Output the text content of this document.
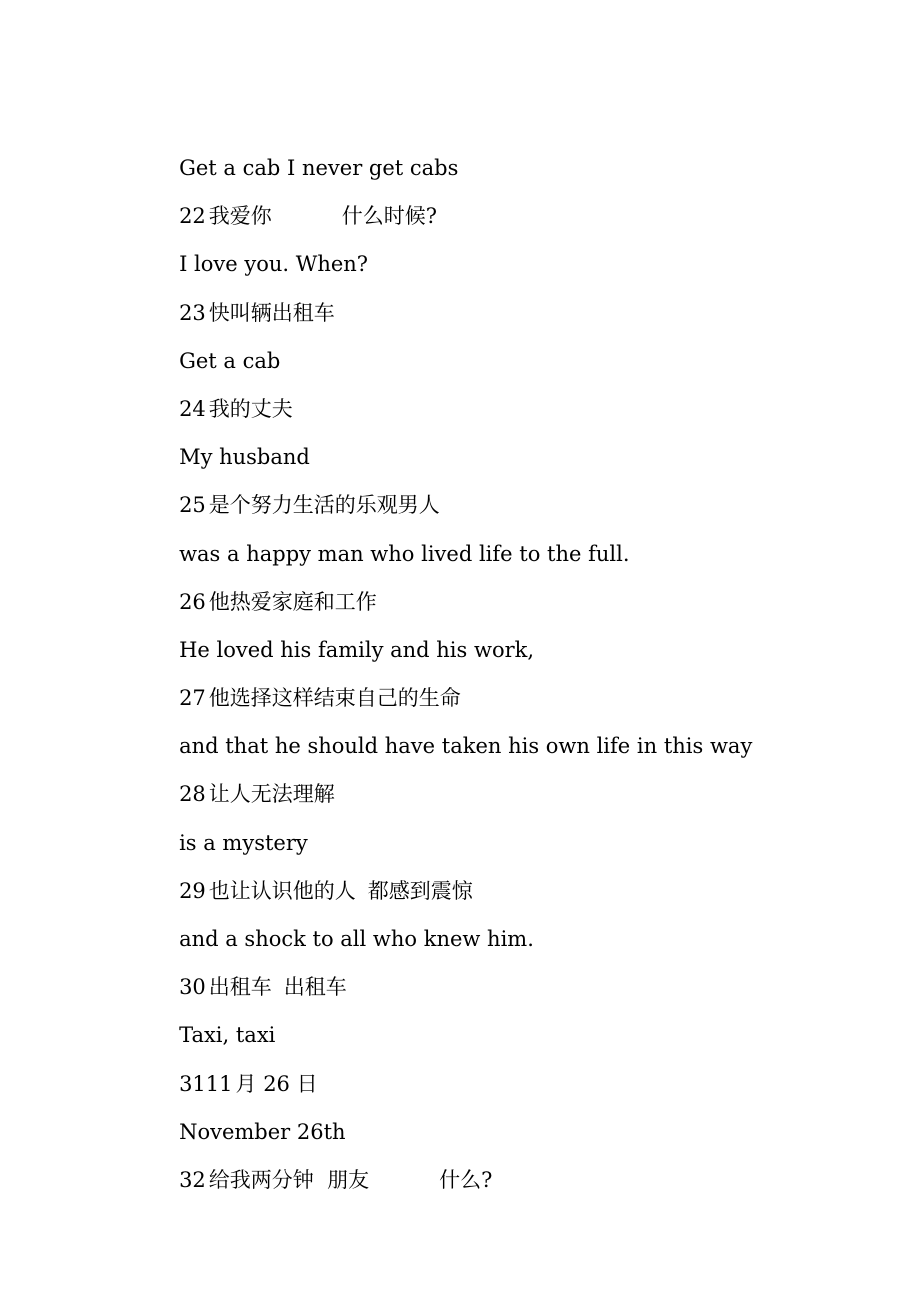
Get a cab I never get cabs

22 我爱你	什么时候?

I love you. When?

23 快叫辆出租车

Get a cab

24 我的丈夫

My husband

25 是个努力生活的乐观男人

was a happy man who lived life to the full.

26 他热爱家庭和工作

He loved his family and his work,

27 他选择这样结束自己的生命

and that he should have taken his own life in this way

28 让人无法理解

is a mystery

29 也让认识他的人 都感到震惊

and a shock to all who knew him.

30 出租车 出租车

Taxi, taxi

3111 月 26 日

November 26th

32 给我两分钟  朋友	什么?
